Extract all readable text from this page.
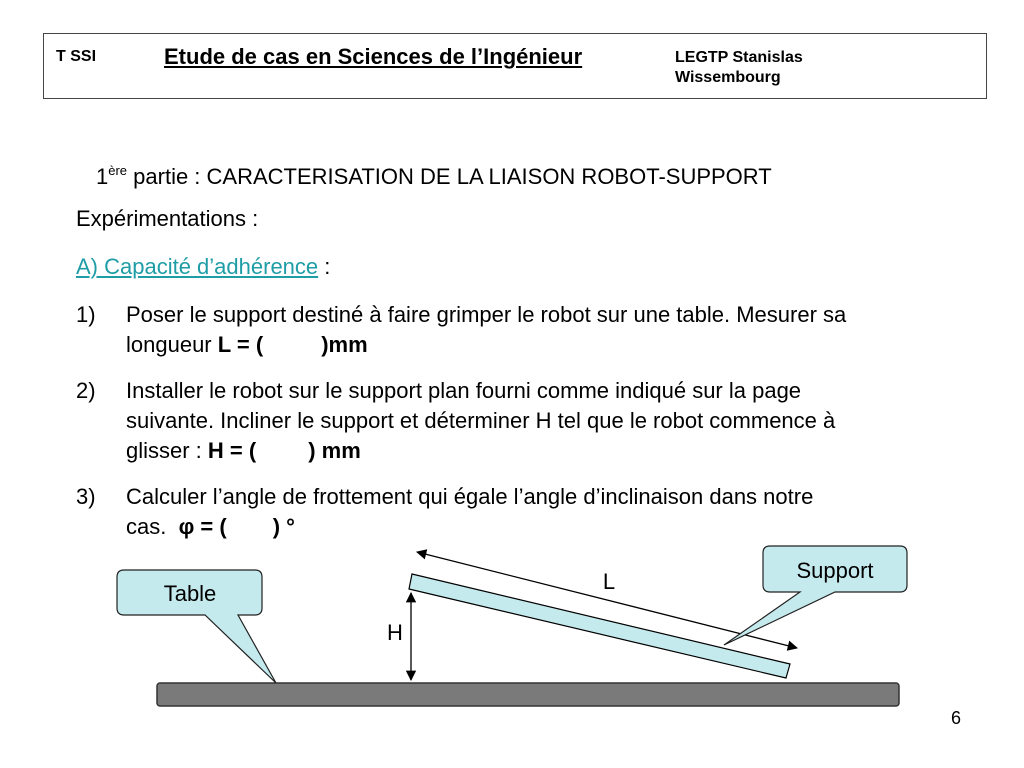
T SSI	Etude de cas en Sciences de l’Ingénieur	LEGTP Stanislas
Wissembourg
1ère partie : CARACTERISATION DE LA LIAISON ROBOT-SUPPORT
Expérimentations :
A) Capacité d’adhérence :
1) Poser le support destiné à faire grimper le robot sur une table. Mesurer sa
longueur L = (	)mm
2) Installer le robot sur le support plan fourni comme indiqué sur la page
suivante. Incliner le support et déterminer H tel que le robot commence à
glisser : H = ( ) mm
3) Calculer l’angle de frottement qui égale l’angle d’inclinaison dans notre
cas.  φ = ( ) °
Table
Support
L
H
6
